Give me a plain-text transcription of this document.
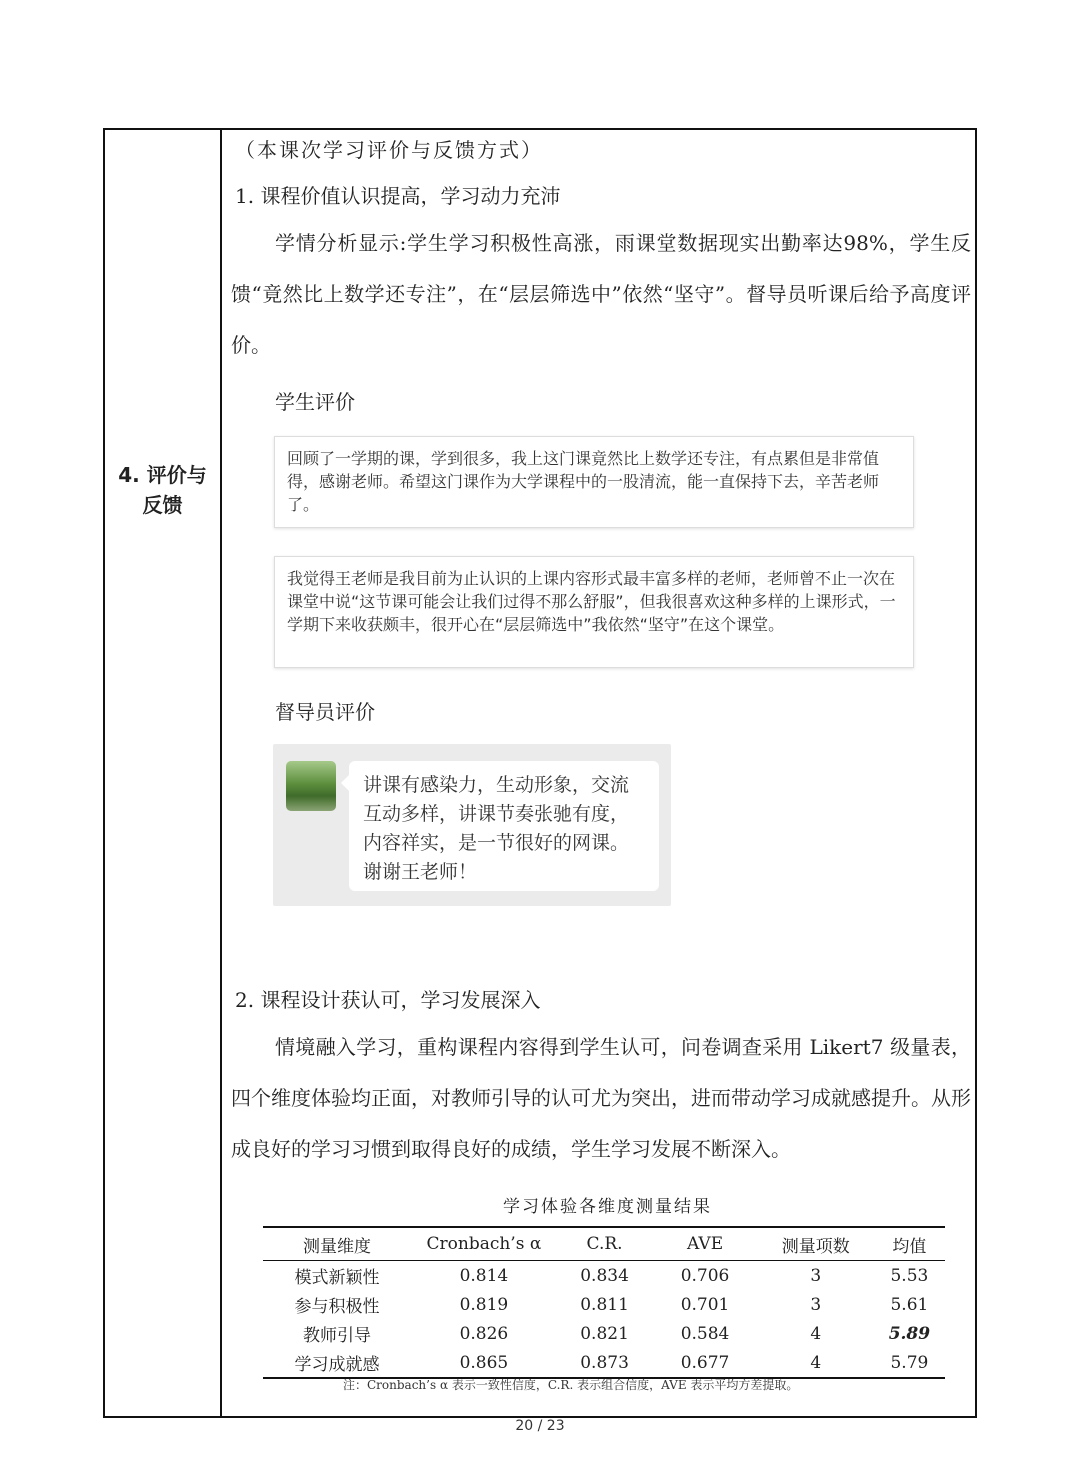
4. 评价与
反馈
（本课次学习评价与反馈方式）
1. 课程价值认识提高，学习动力充沛
学情分析显示:学生学习积极性高涨，雨课堂数据现实出勤率达98%，学生反馈“竟然比上数学还专注”，在“层层筛选中”依然“坚守”。督导员听课后给予高度评价。
学生评价
回顾了一学期的课，学到很多，我上这门课竟然比上数学还专注，有点累但是非常值得，感谢老师。希望这门课作为大学课程中的一股清流，能一直保持下去，辛苦老师了。
我觉得王老师是我目前为止认识的上课内容形式最丰富多样的老师，老师曾不止一次在课堂中说“这节课可能会让我们过得不那么舒服”，但我很喜欢这种多样的上课形式，一学期下来收获颇丰，很开心在“层层筛选中”我依然“坚守”在这个课堂。
督导员评价
讲课有感染力，生动形象，交流互动多样，讲课节奏张驰有度，内容祥实，是一节很好的网课。谢谢王老师！
2. 课程设计获认可，学习发展深入
情境融入学习，重构课程内容得到学生认可，问卷调查采用 Likert7 级量表，四个维度体验均正面，对教师引导的认可尤为突出，进而带动学习成就感提升。从形成良好的学习习惯到取得良好的成绩，学生学习发展不断深入。
学习体验各维度测量结果
测量维度	Cronbach’s α	C.R.	AVE	测量项数	均值
模式新颖性	0.814	0.834	0.706	3	5.53
参与积极性	0.819	0.811	0.701	3	5.61
教师引导	0.826	0.821	0.584	4	5.89
学习成就感	0.865	0.873	0.677	4	5.79
注：Cronbach’s α 表示一致性信度，C.R. 表示组合信度，AVE 表示平均方差提取。
20 / 23
